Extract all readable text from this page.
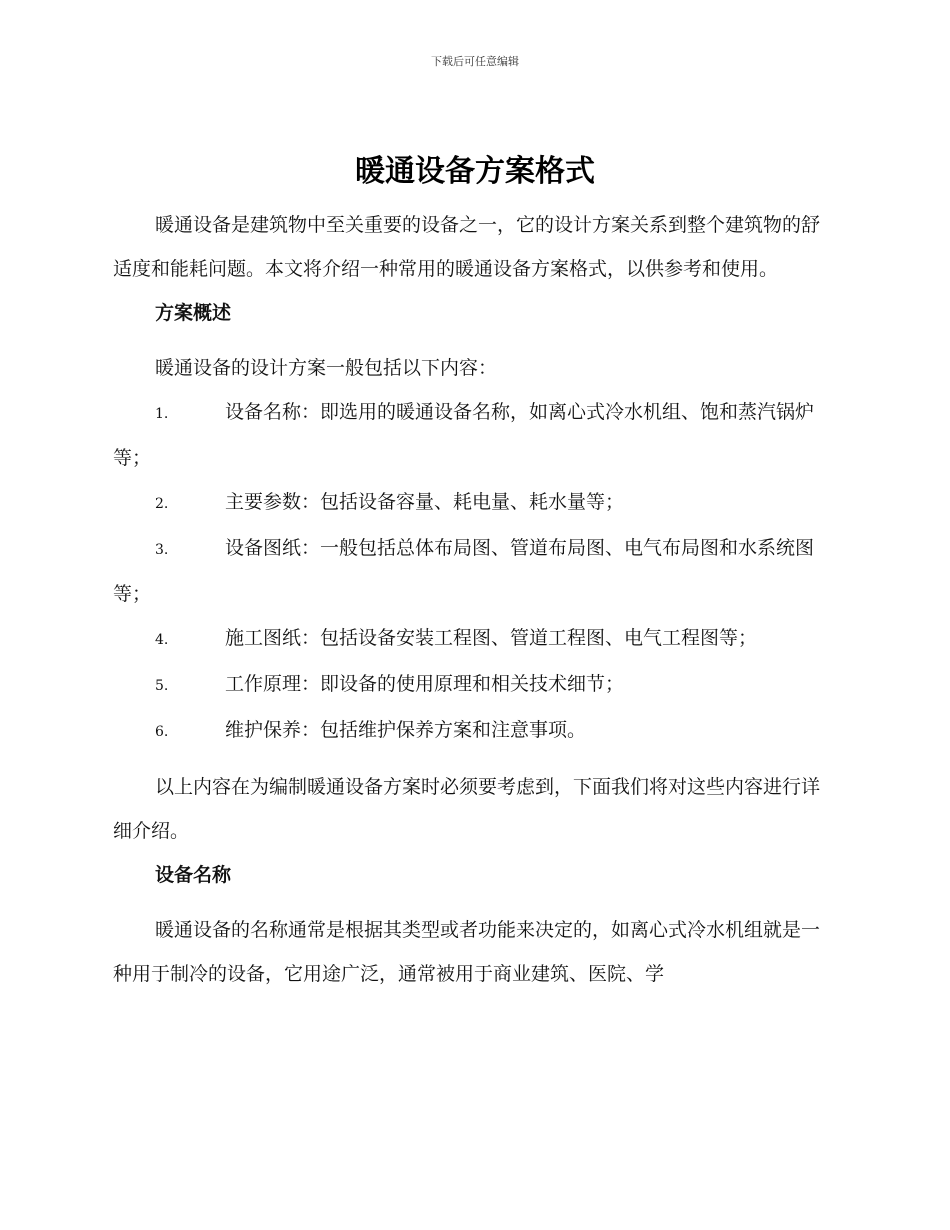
下载后可任意编辑
暖通设备方案格式

暖通设备是建筑物中至关重要的设备之一，它的设计方案关系到整个建筑物的舒适度和能耗问题。本文将介绍一种常用的暖通设备方案格式，以供参考和使用。

方案概述

暖通设备的设计方案一般包括以下内容：

1.	设备名称：即选用的暖通设备名称，如离心式冷水机组、饱和蒸汽锅炉等；

2.	主要参数：包括设备容量、耗电量、耗水量等；

3.	设备图纸：一般包括总体布局图、管道布局图、电气布局图和水系统图等；

4.	施工图纸：包括设备安装工程图、管道工程图、电气工程图等；

5.	工作原理：即设备的使用原理和相关技术细节；

6.	维护保养：包括维护保养方案和注意事项。

以上内容在为编制暖通设备方案时必须要考虑到，下面我们将对这些内容进行详细介绍。

设备名称

暖通设备的名称通常是根据其类型或者功能来决定的，如离心式冷水机组就是一种用于制冷的设备，它用途广泛，通常被用于商业建筑、医院、学
